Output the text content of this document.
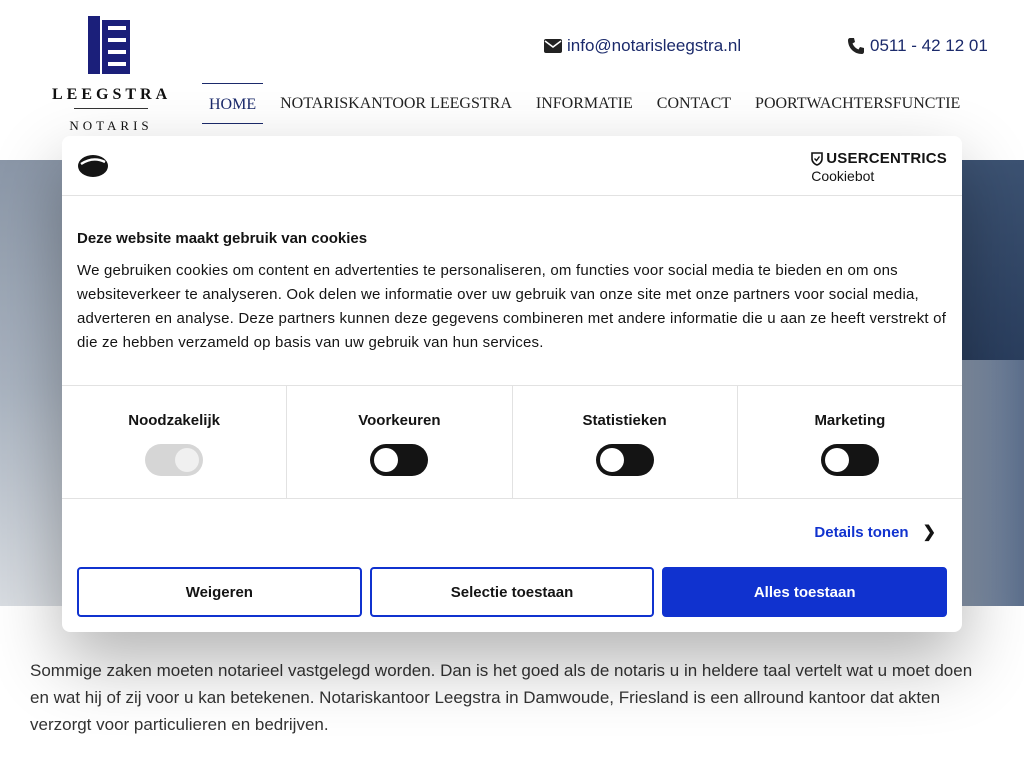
LEEGSTRA
NOTARIS
info@notarisleegstra.nl	0511 - 42 12 01
HOME	NOTARISKANTOOR LEEGSTRA	INFORMATIE	CONTACT	POORTWACHTERSFUNCTIE

Sommige zaken moeten notarieel vastgelegd worden. Dan is het goed als de notaris u in heldere taal vertelt wat u moet doen en wat hij of zij voor u kan betekenen. Notariskantoor Leegstra in Damwoude, Friesland is een allround kantoor dat akten verzorgt voor particulieren en bedrijven.

USERCENTRICS
Cookiebot
Deze website maakt gebruik van cookies
We gebruiken cookies om content en advertenties te personaliseren, om functies voor social media te bieden en om ons websiteverkeer te analyseren. Ook delen we informatie over uw gebruik van onze site met onze partners voor social media, adverteren en analyse. Deze partners kunnen deze gegevens combineren met andere informatie die u aan ze heeft verstrekt of die ze hebben verzameld op basis van uw gebruik van hun services.
Noodzakelijk	Voorkeuren	Statistieken	Marketing
Details tonen ❯
Weigeren	Selectie toestaan	Alles toestaan
